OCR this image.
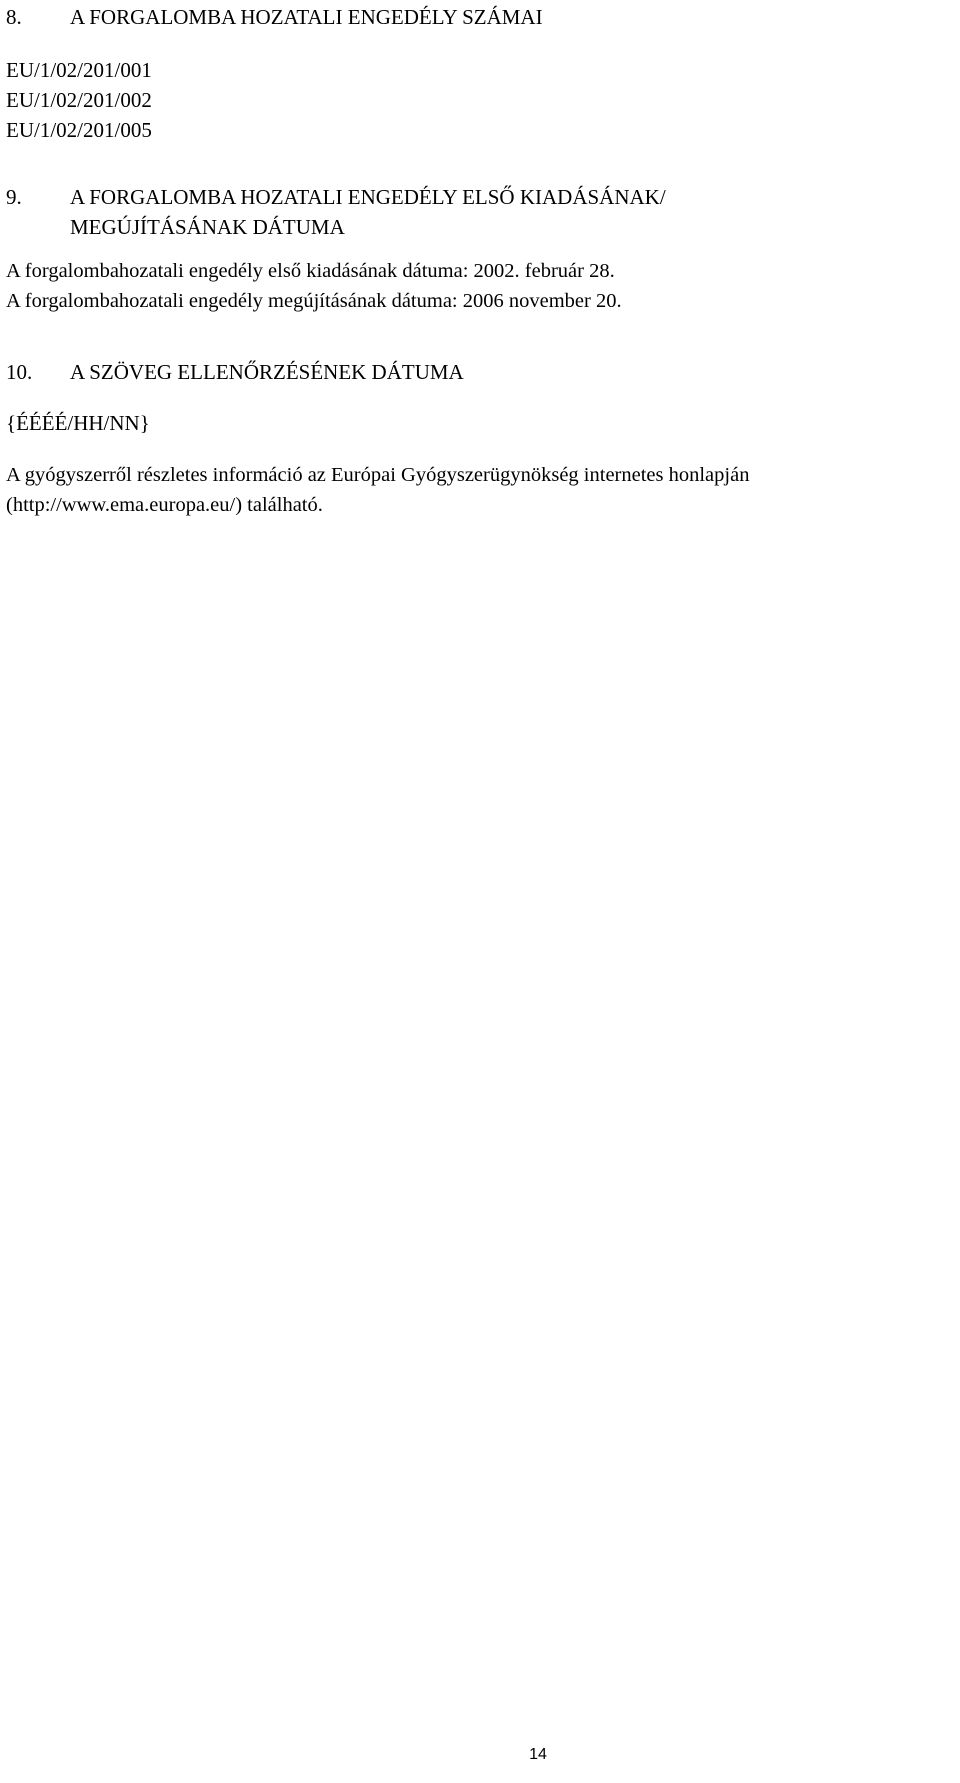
8. A FORGALOMBA HOZATALI ENGEDÉLY SZÁMAI
EU/1/02/201/001
EU/1/02/201/002
EU/1/02/201/005
9. A FORGALOMBA HOZATALI ENGEDÉLY ELSŐ KIADÁSÁNAK/
MEGÚJÍTÁSÁNAK DÁTUMA
A forgalombahozatali engedély első kiadásának dátuma: 2002. február 28.
A forgalombahozatali engedély megújításának dátuma: 2006 november 20.
10. A SZÖVEG ELLENŐRZÉSÉNEK DÁTUMA
{ÉÉÉÉ/HH/NN}
A gyógyszerről részletes információ az Európai Gyógyszerügynökség internetes honlapján
(http://www.ema.europa.eu/) található.
14
